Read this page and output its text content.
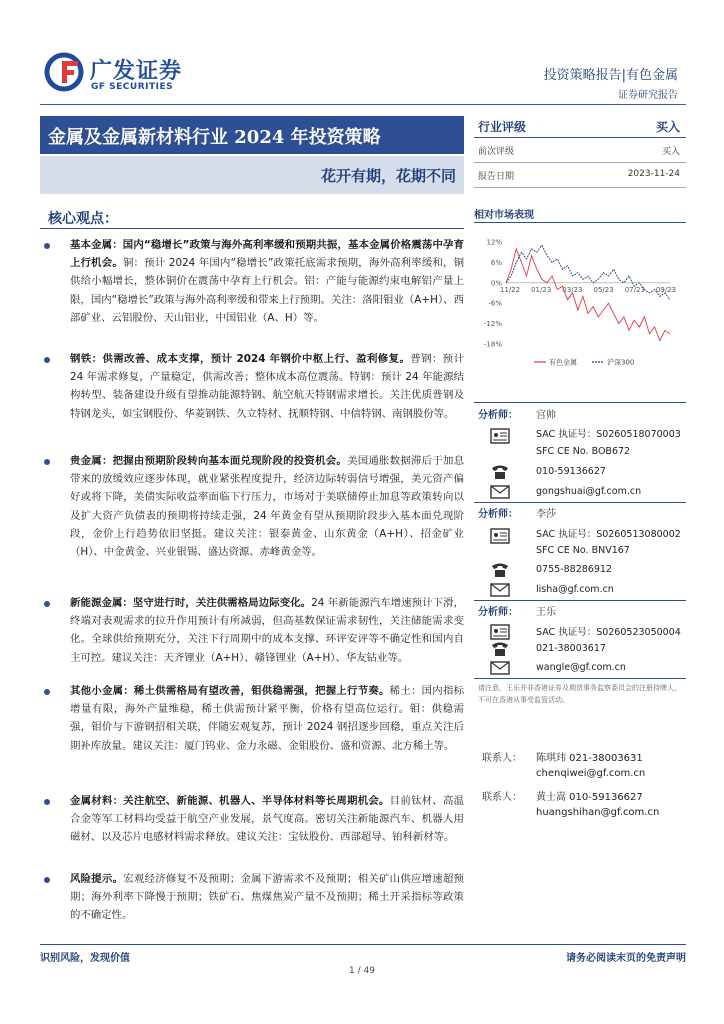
广发证券
GF SECURITIES
投资策略报告|有色金属
证券研究报告
金属及金属新材料行业 2024 年投资策略
花开有期，花期不同
行业评级	买入
前次评级	买入
报告日期	2023-11-24
核心观点：
基本金属：国内“稳增长”政策与海外高利率缓和预期共振，基本金属价格震荡中孕育上行机会。铜：预计 2024 年国内“稳增长”政策托底需求预期，海外高利率缓和，铜供给小幅增长，整体铜价在震荡中孕育上行机会。铝：产能与能源约束电解铝产量上限，国内“稳增长”政策与海外高利率缓和带来上行预期。关注：洛阳钼业（A+H）、西部矿业、云铝股份、天山铝业，中国铝业（A、H）等。
钢铁：供需改善、成本支撑，预计 2024 年钢价中枢上行、盈利修复。普钢：预计 24 年需求修复，产量稳定，供需改善；整体成本高位震荡。特钢：预计 24 年能源结构转型、装备建设升级有望推动能源特钢、航空航天特钢需求增长。关注优质普钢及特钢龙头，如宝钢股份、华菱钢铁、久立特材、抚顺特钢、中信特钢、南钢股份等。
贵金属：把握由预期阶段转向基本面兑现阶段的投资机会。美国通胀数据滞后于加息带来的放缓效应逐步体现，就业紧张程度提升，经济边际转弱信号增强，美元资产偏好或将下降，美债实际收益率面临下行压力，市场对于美联储停止加息等政策转向以及扩大资产负债表的预期将持续走强，24 年黄金有望从预期阶段步入基本面兑现阶段，金价上行趋势依旧坚挺。建议关注：银泰黄金、山东黄金（A+H）、招金矿业（H）、中金黄金、兴业银锡、盛达资源、赤峰黄金等。
新能源金属：坚守进行时，关注供需格局边际变化。24 年新能源汽车增速预计下滑，终端对表观需求的拉升作用预计有所减弱，但高基数保证需求韧性，关注储能需求变化。全球供给预期充分，关注下行周期中的成本支撑、环评安评等不确定性和国内自主可控。建议关注：天齐锂业（A+H）、赣锋锂业（A+H）、华友钴业等。
其他小金属：稀土供需格局有望改善，钼供稳需强，把握上行节奏。稀土：国内指标增量有限，海外产量维稳，稀土供需预计紧平衡，价格有望高位运行。钼：供稳需强，钼价与下游钢招相关联，伴随宏观复苏，预计 2024 钢招逐步回稳，重点关注后期补库放量。建议关注：厦门钨业、金力永磁、金钼股份、盛和资源、北方稀土等。
金属材料：关注航空、新能源、机器人、半导体材料等长周期机会。目前钛材、高温合金等军工材料均受益于航空产业发展，景气度高。密切关注新能源汽车、机器人用磁材、以及芯片电感材料需求释放。建议关注：宝钛股份、西部超导、铂科新材等。
风险提示。宏观经济修复不及预期；金属下游需求不及预期；相关矿山供应增速超预期；海外利率下降慢于预期；铁矿石、焦煤焦炭产量不及预期；稀土开采指标等政策的不确定性。
相对市场表现
12%
6%
0%
-6%
-12%
-18%
11/22 01/23 03/23 05/23 07/23 09/23
有色金属	沪深300
分析师： 宫帅
SAC 执证号：S0260518070003
SFC CE No. BOB672
010-59136627
gongshuai@gf.com.cn
分析师： 李莎
SAC 执证号：S0260513080002
SFC CE No. BNV167
0755-88286912
lisha@gf.com.cn
分析师： 王乐
SAC 执证号：S0260523050004
021-38003617
wangle@gf.com.cn
请注意，王乐并非香港证券及期货事务监察委员会的注册持牌人，不可在香港从事受监管活动。
联系人： 陈琪玮 021-38003631
chenqiwei@gf.com.cn
联系人： 黄士嵩 010-59136627
huangshihan@gf.com.cn
识别风险，发现价值	请务必阅读末页的免责声明
1 / 49
